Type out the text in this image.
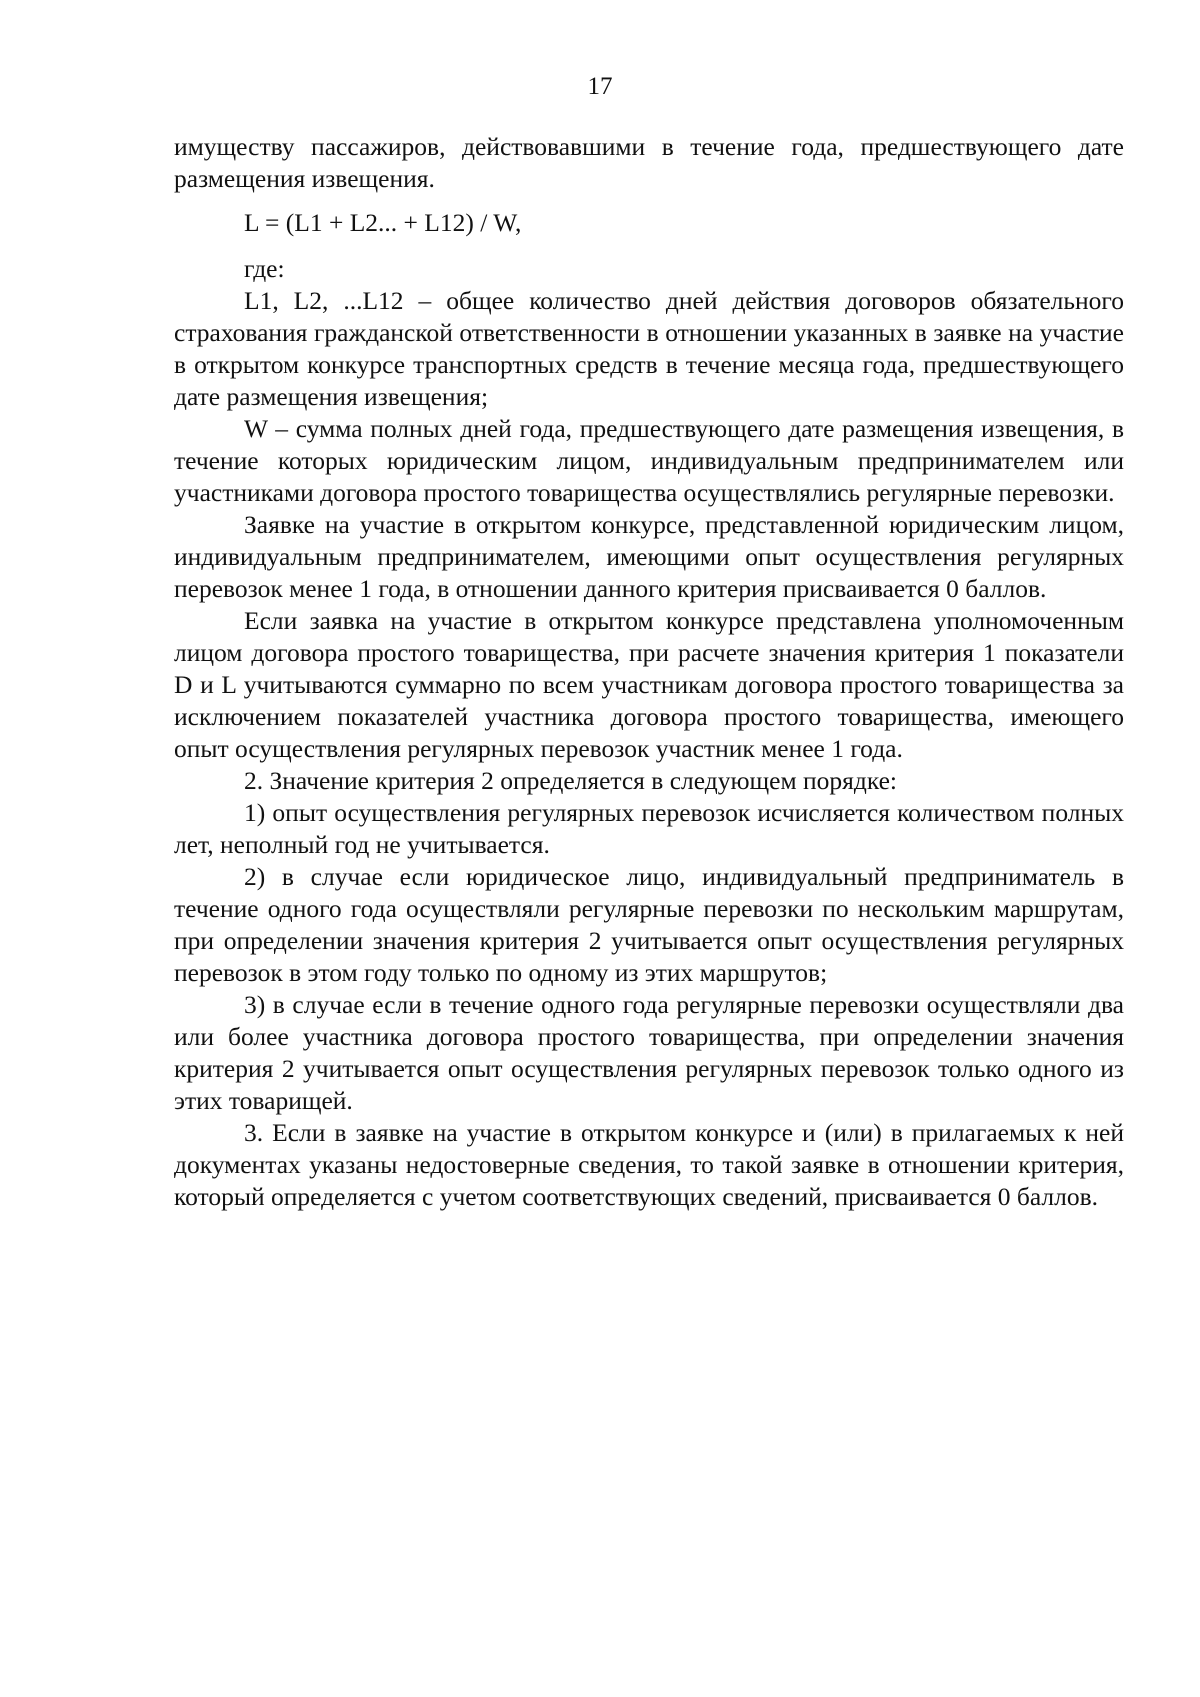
17

имуществу пассажиров, действовавшими в течение года, предшествующего дате размещения извещения.

L = (L1 + L2... + L12) / W,

где:

L1, L2, ...L12 – общее количество дней действия договоров обязательного страхования гражданской ответственности в отношении указанных в заявке на участие в открытом конкурсе транспортных средств в течение месяца года, предшествующего дате размещения извещения;

W – сумма полных дней года, предшествующего дате размещения извещения, в течение которых юридическим лицом, индивидуальным предпринимателем или участниками договора простого товарищества осуществлялись регулярные перевозки.

Заявке на участие в открытом конкурсе, представленной юридическим лицом, индивидуальным предпринимателем, имеющими опыт осуществления регулярных перевозок менее 1 года, в отношении данного критерия присваивается 0 баллов.

Если заявка на участие в открытом конкурсе представлена уполномоченным лицом договора простого товарищества, при расчете значения критерия 1 показатели D и L учитываются суммарно по всем участникам договора простого товарищества за исключением показателей участника договора простого товарищества, имеющего опыт осуществления регулярных перевозок участник менее 1 года.

2. Значение критерия 2 определяется в следующем порядке:

1) опыт осуществления регулярных перевозок исчисляется количеством полных лет, неполный год не учитывается.

2) в случае если юридическое лицо, индивидуальный предприниматель в течение одного года осуществляли регулярные перевозки по нескольким маршрутам, при определении значения критерия 2 учитывается опыт осуществления регулярных перевозок в этом году только по одному из этих маршрутов;

3) в случае если в течение одного года регулярные перевозки осуществляли два или более участника договора простого товарищества, при определении значения критерия 2 учитывается опыт осуществления регулярных перевозок только одного из этих товарищей.

3. Если в заявке на участие в открытом конкурсе и (или) в прилагаемых к ней документах указаны недостоверные сведения, то такой заявке в отношении критерия, который определяется с учетом соответствующих сведений, присваивается 0 баллов.
